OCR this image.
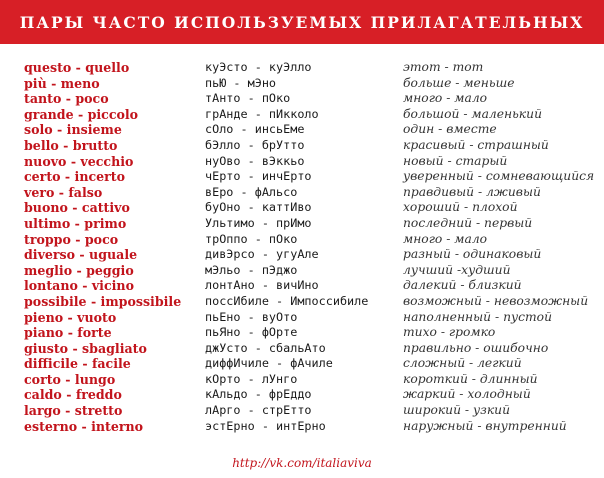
ПАРЫ ЧАСТО ИСПОЛЬЗУЕМЫХ ПРИЛАГАТЕЛЬНЫХ
questo - quello
più - meno
tanto - poco
grande - piccolo
solo - insieme
bello - brutto
nuovo - vecchio
certo - incerto
vero - falso
buono - cattivo
ultimo - primo
troppo - poco
diverso - uguale
meglio - peggio
lontano - vicino
possibile - impossibile
pieno - vuoto
piano - forte
giusto - sbagliato
difficile - facile
corto - lungo
caldo - freddo
largo - stretto
esterno - interno
куЭсто - куЭлло
пьЮ - мЭно
тАнто - пОко
грАнде - пИкколо
сОло - инсьЕме
бЭлло - брУтто
нуОво - вЭккьо
чЕрто - инчЕрто
вЕро - фАльсо
буОно - каттИво
Ультимо - прИмо
трОппо - пОко
дивЭрсо - угуАле
мЭльо - пЭджо
лонтАно - вичИно
поссИбиле - Импоссибиле
пьЕно - вуОто
пьЯно - фОрте
джУсто - сбальАто
диффИчиле - фАчиле
кОрто - лУнго
кАльдо - фрЕддо
лАрго - стрЕтто
эстЕрно - интЕрно
этот - тот
больше - меньше
много - мало
большой - маленький
один - вместе
красивый - страшный
новый - старый
уверенный - сомневающийся
правдивый - лживый
хороший - плохой
последний - первый
много - мало
разный - одинаковый
лучший -худший
далекий - близкий
возможный - невозможный
наполненный - пустой
тихо - громко
правильно - ошибочно
сложный - легкий
короткий - длинный
жаркий - холодный
широкий - узкий
наружный - внутренний
http://vk.com/italiaviva
